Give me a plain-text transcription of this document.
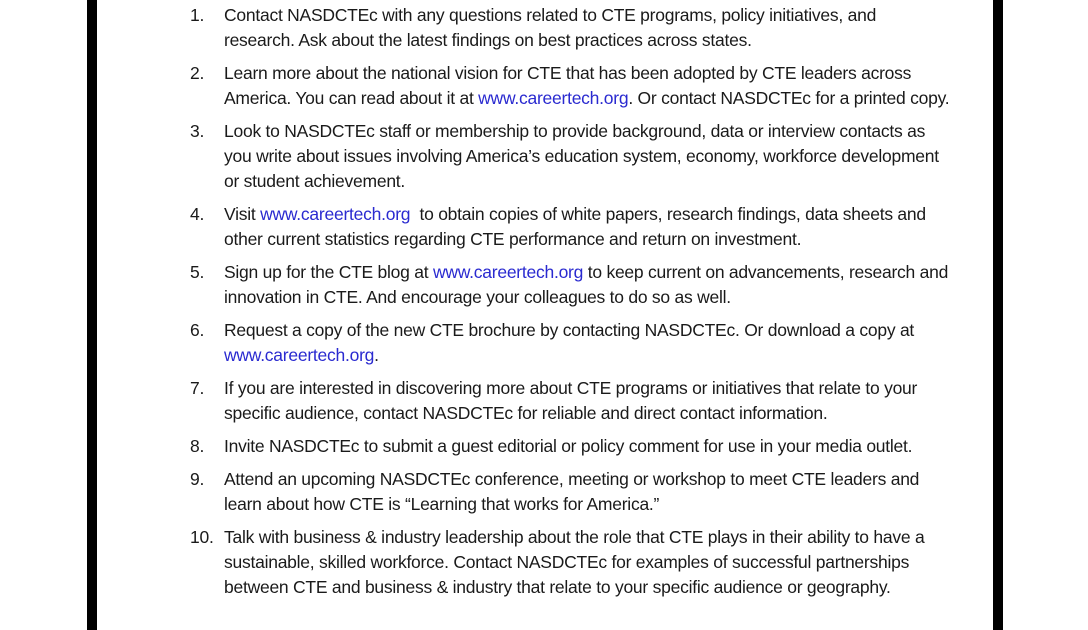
1.	Contact NASDCTEc with any questions related to CTE programs, policy initiatives, and research. Ask about the latest findings on best practices across states.
2.	Learn more about the national vision for CTE that has been adopted by CTE leaders across America. You can read about it at www.careertech.org. Or contact NASDCTEc for a printed copy.
3.	Look to NASDCTEc staff or membership to provide background, data or interview contacts as you write about issues involving America’s education system, economy, workforce development or student achievement.
4.	Visit www.careertech.org  to obtain copies of white papers, research findings, data sheets and other current statistics regarding CTE performance and return on investment.
5.	Sign up for the CTE blog at www.careertech.org to keep current on advancements, research and innovation in CTE. And encourage your colleagues to do so as well.
6.	Request a copy of the new CTE brochure by contacting NASDCTEc. Or download a copy at www.careertech.org.
7.	If you are interested in discovering more about CTE programs or initiatives that relate to your specific audience, contact NASDCTEc for reliable and direct contact information.
8.	Invite NASDCTEc to submit a guest editorial or policy comment for use in your media outlet.
9.	Attend an upcoming NASDCTEc conference, meeting or workshop to meet CTE leaders and learn about how CTE is “Learning that works for America.”
10. Talk with business & industry leadership about the role that CTE plays in their ability to have a sustainable, skilled workforce. Contact NASDCTEc for examples of successful partnerships between CTE and business & industry that relate to your specific audience or geography.
